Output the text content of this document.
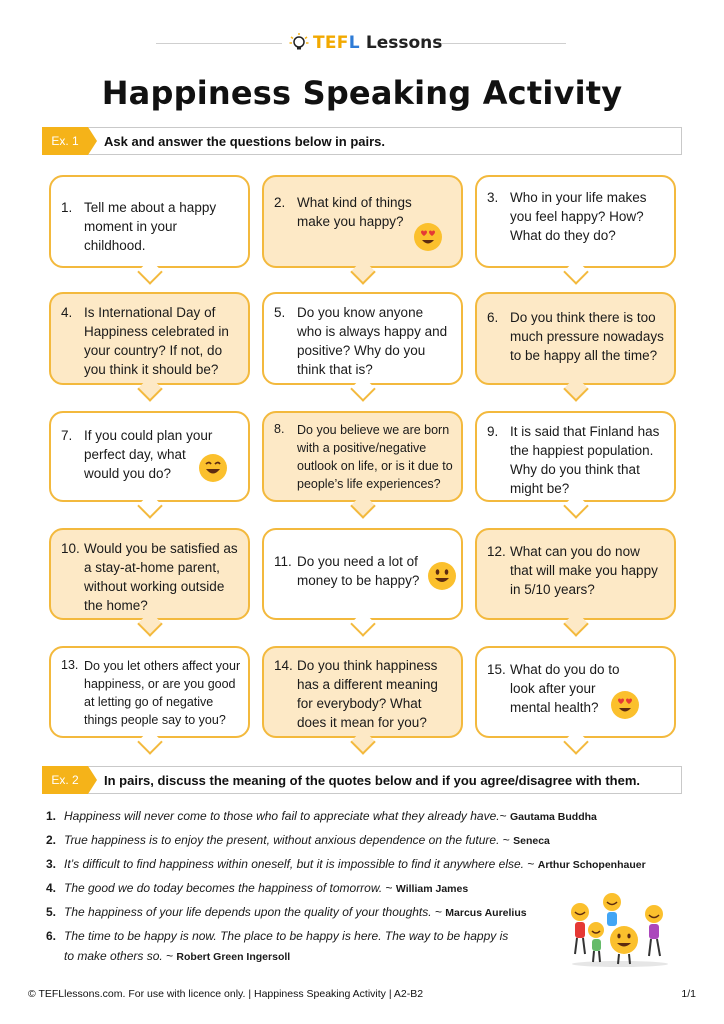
TEFL Lessons
Happiness Speaking Activity
Ex. 1	Ask and answer the questions below in pairs.
1. Tell me about a happy moment in your childhood.
2. What kind of things make you happy?
3. Who in your life makes you feel happy? How? What do they do?
4. Is International Day of Happiness celebrated in your country? If not, do you think it should be?
5. Do you know anyone who is always happy and positive? Why do you think that is?
6. Do you think there is too much pressure nowadays to be happy all the time?
7. If you could plan your perfect day, what would you do?
8. Do you believe we are born with a positive/negative outlook on life, or is it due to people’s life experiences?
9. It is said that Finland has the happiest population. Why do you think that might be?
10. Would you be satisfied as a stay-at-home parent, without working outside the home?
11. Do you need a lot of money to be happy?
12. What can you do now that will make you happy in 5/10 years?
13. Do you let others affect your happiness, or are you good at letting go of negative things people say to you?
14. Do you think happiness has a different meaning for everybody? What does it mean for you?
15. What do you do to look after your mental health?
Ex. 2	In pairs, discuss the meaning of the quotes below and if you agree/disagree with them.
1. Happiness will never come to those who fail to appreciate what they already have.~ Gautama Buddha
2. True happiness is to enjoy the present, without anxious dependence on the future. ~ Seneca
3. It’s difficult to find happiness within oneself, but it is impossible to find it anywhere else. ~ Arthur Schopenhauer
4. The good we do today becomes the happiness of tomorrow. ~ William James
5. The happiness of your life depends upon the quality of your thoughts. ~ Marcus Aurelius
6. The time to be happy is now. The place to be happy is here. The way to be happy is
to make others so. ~ Robert Green Ingersoll
© TEFLlessons.com. For use with licence only. | Happiness Speaking Activity | A2-B2	1/1
